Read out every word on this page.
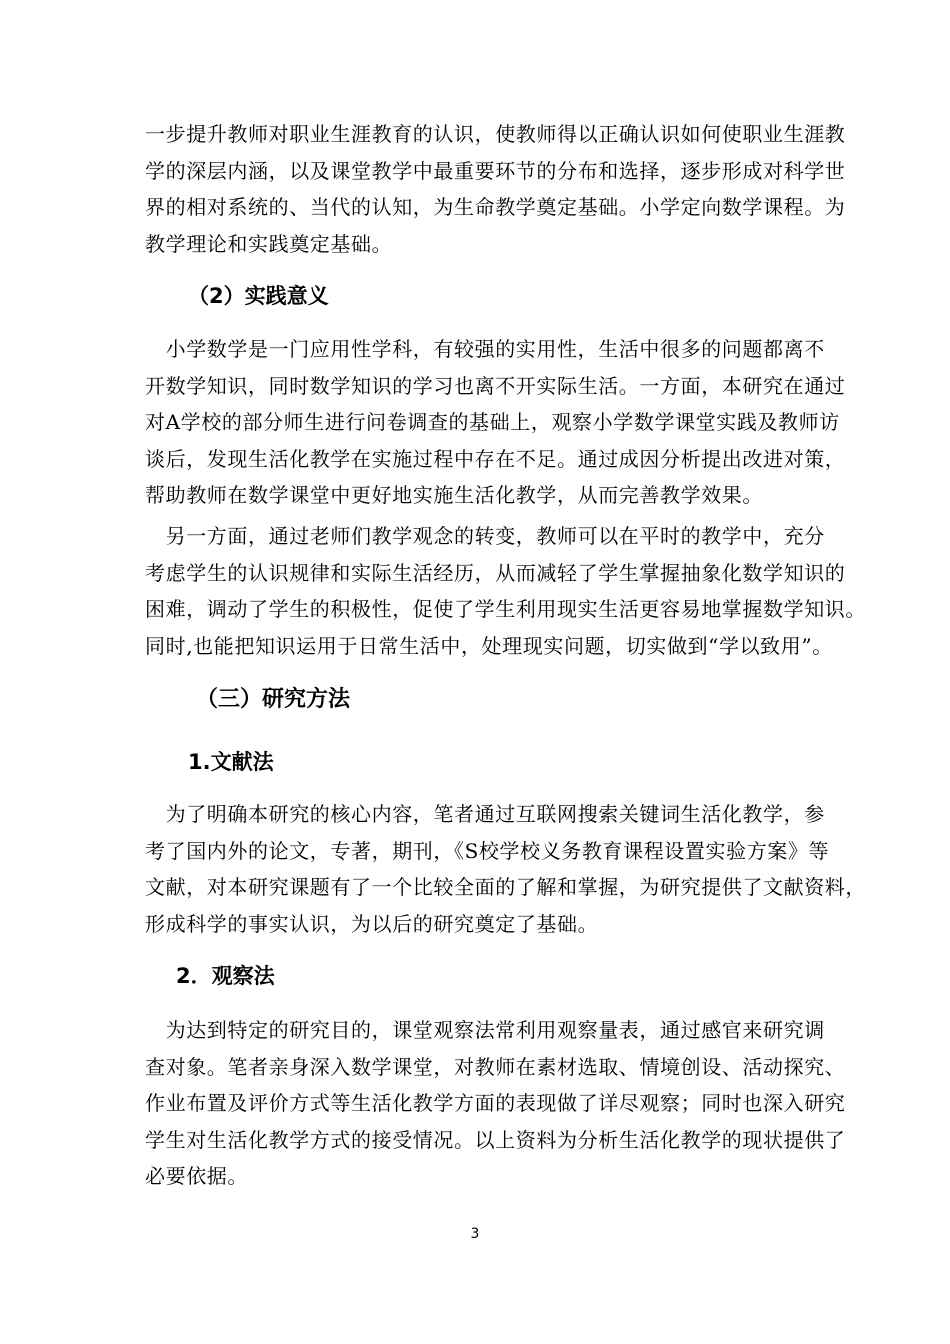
一步提升教师对职业生涯教育的认识，使教师得以正确认识如何使职业生涯教
学的深层内涵，以及课堂教学中最重要环节的分布和选择，逐步形成对科学世
界的相对系统的、当代的认知，为生命教学奠定基础。小学定向数学课程。为
教学理论和实践奠定基础。
（2）实践意义
　小学数学是一门应用性学科，有较强的实用性，生活中很多的问题都离不
开数学知识，同时数学知识的学习也离不开实际生活。一方面，本研究在通过
对A学校的部分师生进行问卷调查的基础上，观察小学数学课堂实践及教师访
谈后，发现生活化教学在实施过程中存在不足。通过成因分析提出改进对策，
帮助教师在数学课堂中更好地实施生活化教学，从而完善教学效果。
　另一方面，通过老师们教学观念的转变，教师可以在平时的教学中，充分
考虑学生的认识规律和实际生活经历，从而减轻了学生掌握抽象化数学知识的
困难，调动了学生的积极性，促使了学生利用现实生活更容易地掌握数学知识。
同时,也能把知识运用于日常生活中，处理现实问题，切实做到“学以致用”。
（三）研究方法
1.文献法
　为了明确本研究的核心内容，笔者通过互联网搜索关键词生活化教学，参
考了国内外的论文，专著，期刊，《S校学校义务教育课程设置实验方案》等
文献，对本研究课题有了一个比较全面的了解和掌握，为研究提供了文献资料，
形成科学的事实认识，为以后的研究奠定了基础。
2．观察法
　为达到特定的研究目的，课堂观察法常利用观察量表，通过感官来研究调
查对象。笔者亲身深入数学课堂，对教师在素材选取、情境创设、活动探究、
作业布置及评价方式等生活化教学方面的表现做了详尽观察；同时也深入研究
学生对生活化教学方式的接受情况。以上资料为分析生活化教学的现状提供了
必要依据。
3
